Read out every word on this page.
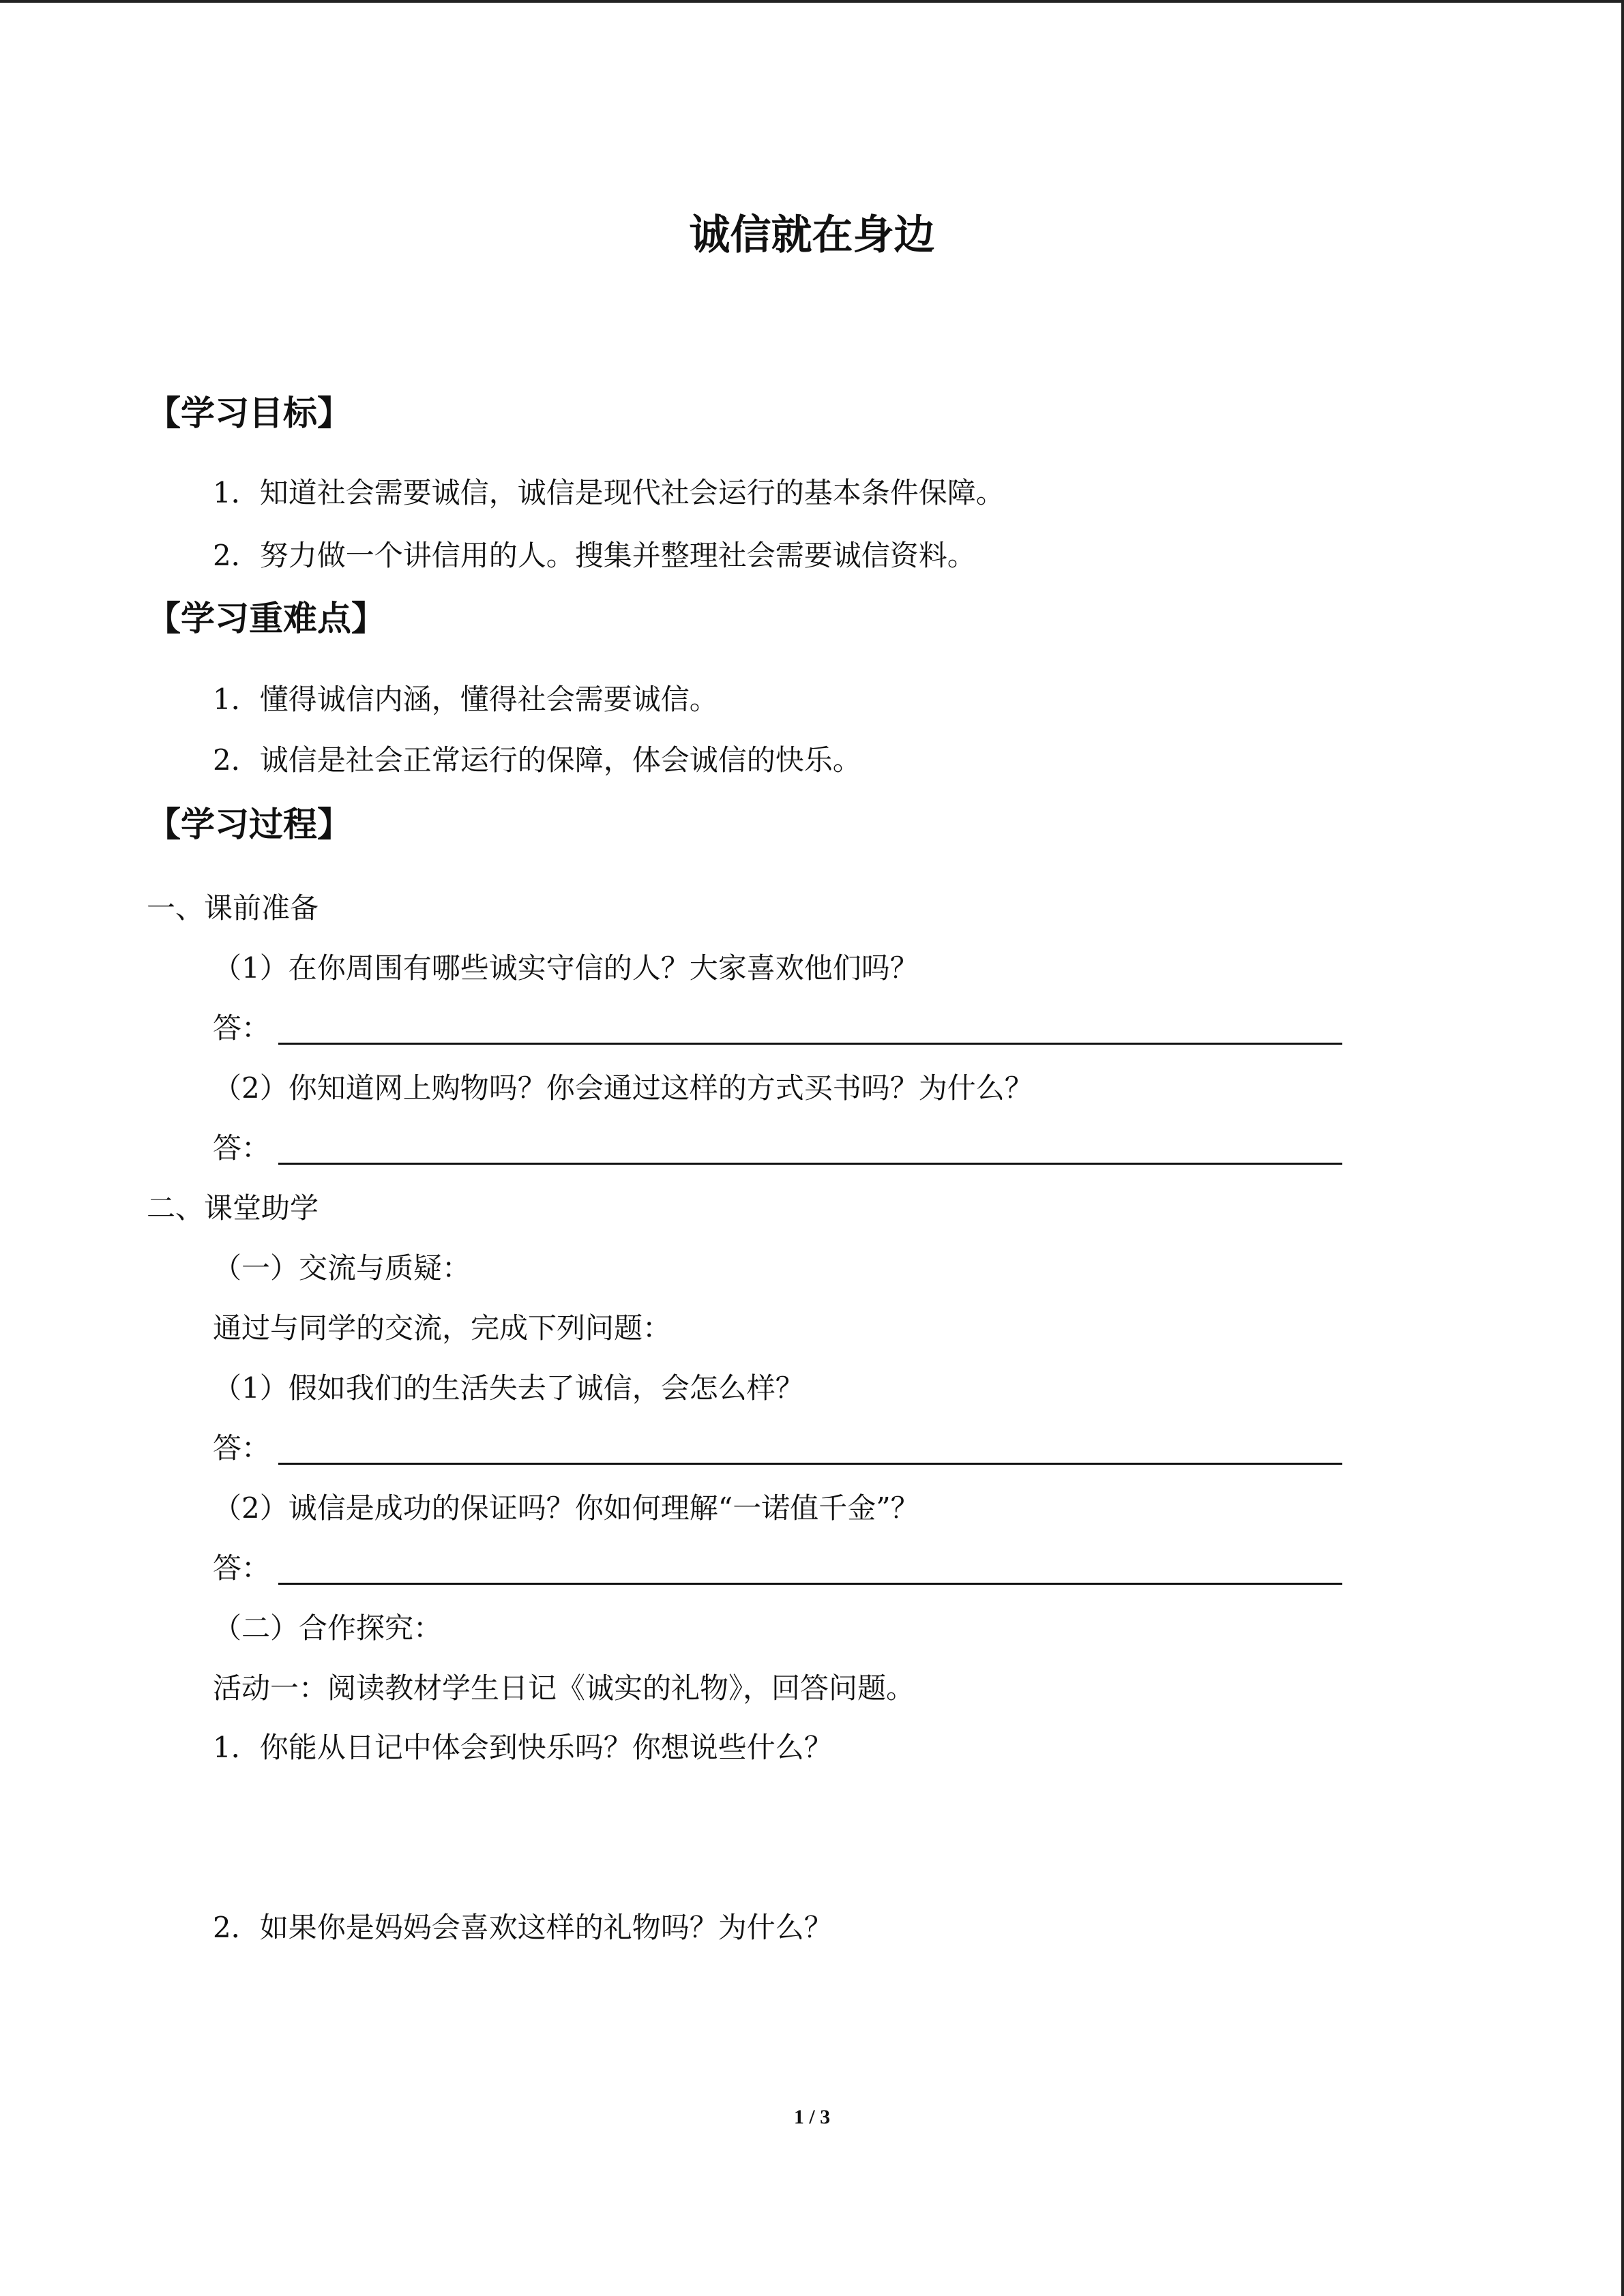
诚信就在身边
【学习目标】
1．知道社会需要诚信，诚信是现代社会运行的基本条件保障。
2．努力做一个讲信用的人。搜集并整理社会需要诚信资料。
【学习重难点】
1．懂得诚信内涵，懂得社会需要诚信。
2．诚信是社会正常运行的保障，体会诚信的快乐。
【学习过程】
一、课前准备
（1）在你周围有哪些诚实守信的人？大家喜欢他们吗？
答：
（2）你知道网上购物吗？你会通过这样的方式买书吗？为什么？
答：
二、课堂助学
（一）交流与质疑：
通过与同学的交流，完成下列问题：
（1）假如我们的生活失去了诚信，会怎么样？
答：
（2）诚信是成功的保证吗？你如何理解“一诺值千金”？
答：
（二）合作探究：
活动一：阅读教材学生日记《诚实的礼物》，回答问题。
1．你能从日记中体会到快乐吗？你想说些什么？
2．如果你是妈妈会喜欢这样的礼物吗？为什么？
1 / 3
